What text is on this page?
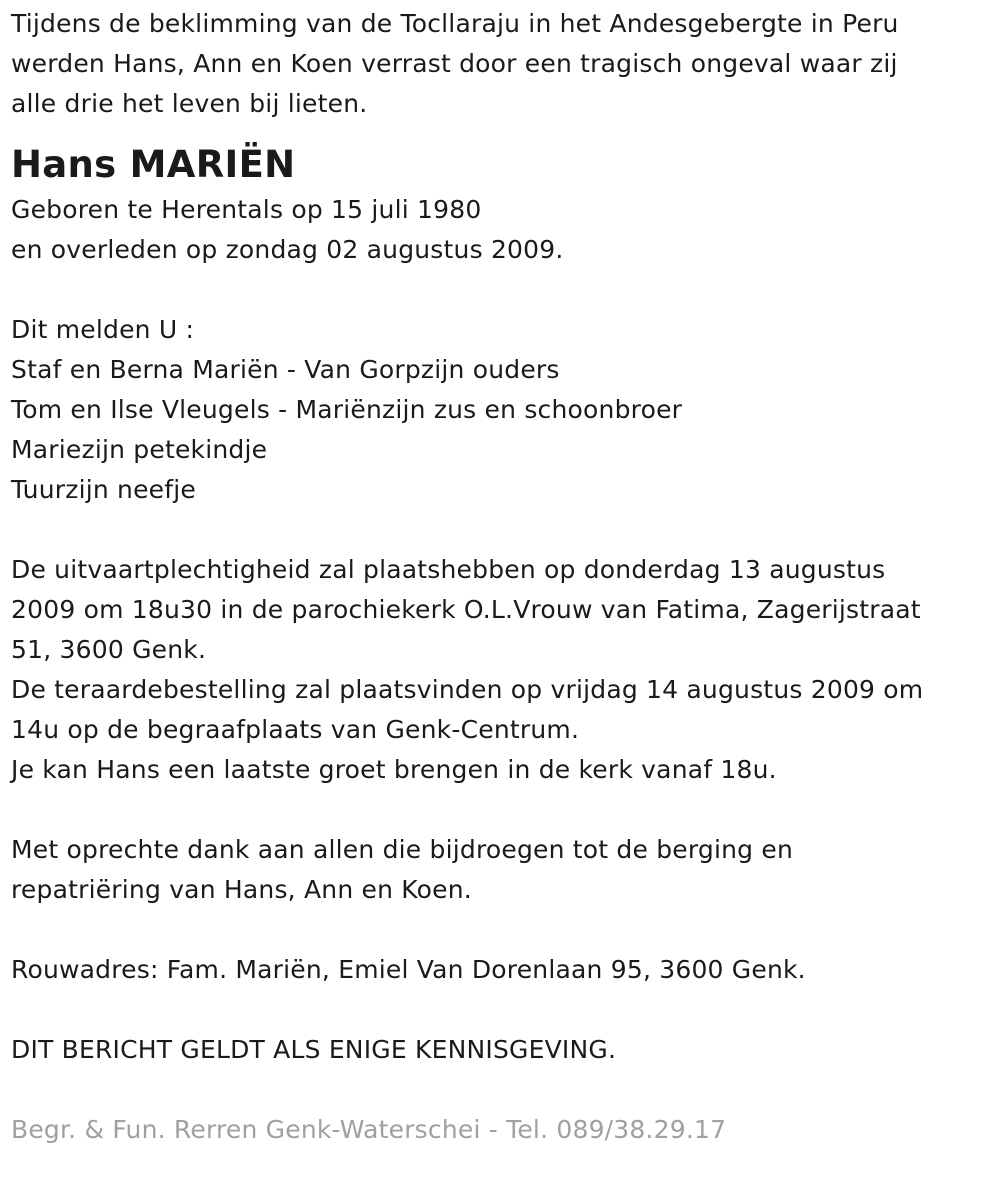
Tijdens de beklimming van de Tocllaraju in het Andesgebergte in Peru
werden Hans, Ann en Koen verrast door een tragisch ongeval waar zij
alle drie het leven bij lieten.
Hans MARIËN
Geboren te Herentals op 15 juli 1980
en overleden op zondag 02 augustus 2009.
Dit melden U :
Staf en Berna Mariën - Van Gorpzijn ouders
Tom en Ilse Vleugels - Mariënzijn zus en schoonbroer
Mariezijn petekindje
Tuurzijn neefje
De uitvaartplechtigheid zal plaatshebben op donderdag 13 augustus
2009 om 18u30 in de parochiekerk O.L.Vrouw van Fatima, Zagerijstraat
51, 3600 Genk.
De teraardebestelling zal plaatsvinden op vrijdag 14 augustus 2009 om
14u op de begraafplaats van Genk-Centrum.
Je kan Hans een laatste groet brengen in de kerk vanaf 18u.
Met oprechte dank aan allen die bijdroegen tot de berging en
repatriëring van Hans, Ann en Koen.
Rouwadres: Fam. Mariën, Emiel Van Dorenlaan 95, 3600 Genk.
DIT BERICHT GELDT ALS ENIGE KENNISGEVING.
Begr. & Fun. Rerren Genk-Waterschei - Tel. 089/38.29.17
